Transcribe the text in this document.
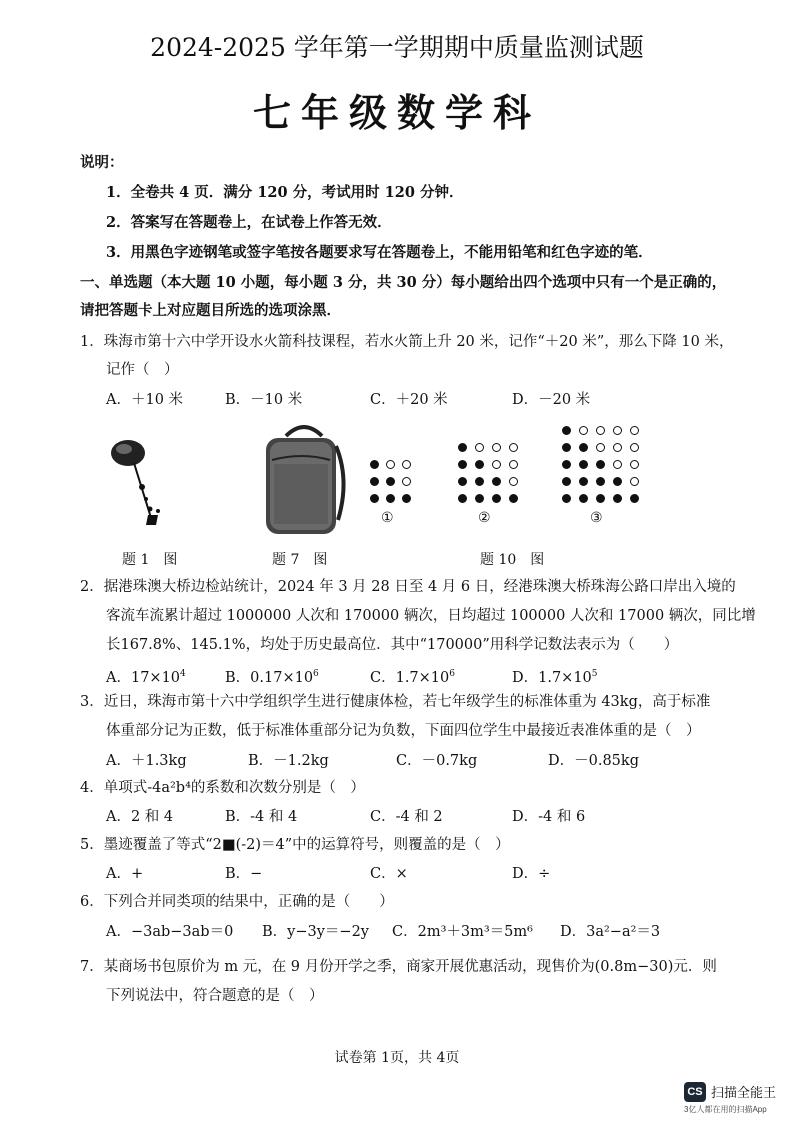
2024-2025 学年第一学期期中质量监测试题
七年级数学科
说明：
1．全卷共 4 页．满分 120 分，考试用时 120 分钟．
2．答案写在答题卷上，在试卷上作答无效．
3．用黑色字迹钢笔或签字笔按各题要求写在答题卷上，不能用铅笔和红色字迹的笔．
一、单选题（本大题 10 小题，每小题 3 分，共 30 分）每小题给出四个选项中只有一个是正确的，
请把答题卡上对应题目所选的选项涂黑．
1．珠海市第十六中学开设水火箭科技课程，若水火箭上升 20 米，记作“＋20 米”，那么下降 10 米，
记作（　）
A．＋10 米	B．－10 米	C．＋20 米	D．－20 米
①	②	③
题 1　图	题 7　图	题 10　图
2．据港珠澳大桥边检站统计，2024 年 3 月 28 日至 4 月 6 日，经港珠澳大桥珠海公路口岸出入境的
客流车流累计超过 1000000 人次和 170000 辆次，日均超过 100000 人次和 17000 辆次，同比增
长167.8%、145.1%，均处于历史最高位．其中“170000”用科学记数法表示为（　　）
A．$17\times 10^4$	B．$0.17\times 10^6$	C．$1.7\times 10^6$	D．$1.7\times 10^5$
3．近日，珠海市第十六中学组织学生进行健康体检，若七年级学生的标准体重为 43kg，高于标准
体重部分记为正数，低于标准体重部分记为负数，下面四位学生中最接近表准体重的是（　）
A．＋1.3kg	B．－1.2kg	C．－0.7kg	D．－0.85kg
4．单项式-4a²b⁴的系数和次数分别是（　）
A．2 和 4	B．-4 和 4	C．-4 和 2	D．-4 和 6
5．墨迹覆盖了等式“2■(-2)＝4”中的运算符号，则覆盖的是（　）
A．+	B．−	C．×	D．÷
6．下列合并同类项的结果中，正确的是（　　）
A．−3ab−3ab＝0 B．y−3y＝−2y C．2m³＋3m³＝5m⁶ D．3a²−a²＝3
7．某商场书包原价为 m 元，在 9 月份开学之季，商家开展优惠活动，现售价为(0.8m−30)元．则
下列说法中，符合题意的是（　）
试卷第 1页，共 4页
CS 扫描全能王
3亿人都在用的扫描App
